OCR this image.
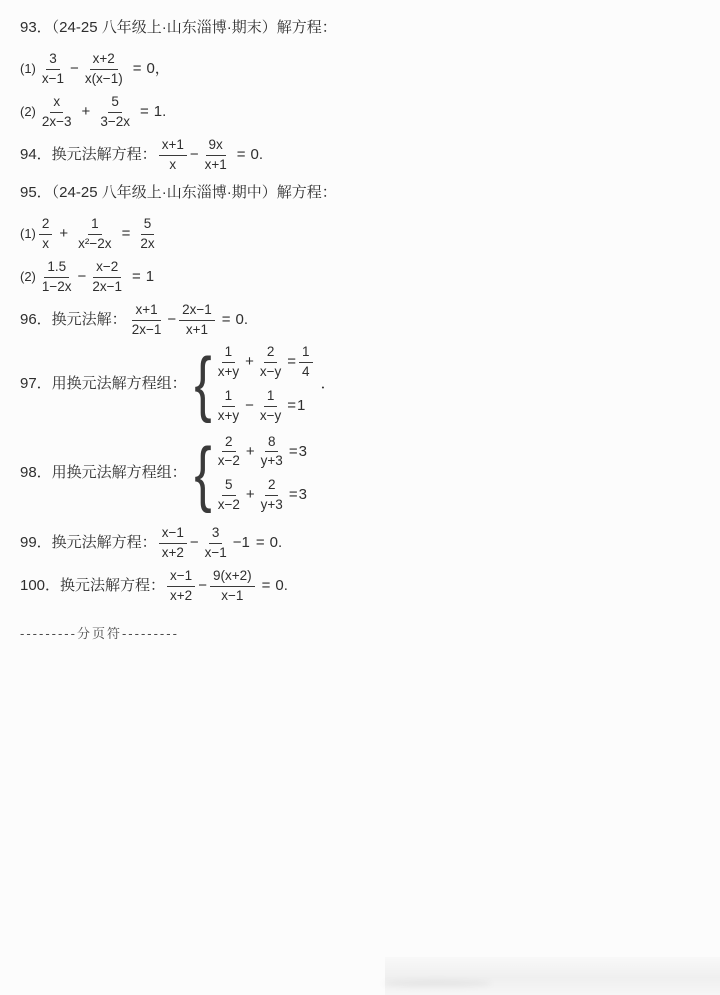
93．（24-25 八年级上·山东淄博·期末）解方程：
$(1) \frac{3}{x-1} - \frac{x+2}{x(x-1)} = 0$，
$(2) \frac{x}{2x-3} + \frac{5}{3-2x} = 1$.
94．换元法解方程： $\frac{x+1}{x} - \frac{9x}{x+1} = 0$.
95．（24-25 八年级上·山东淄博·期中）解方程：
$(1) \frac{2}{x} + \frac{1}{\text{x²−2x}} = \frac{5}{2x}$
$(2) \frac{1.5}{1-2x} - \frac{x-2}{2x-1} = 1$
96．换元法解： $\frac{x+1}{2x-1} - \frac{2x-1}{x+1} = 0$.
97．用换元法解方程组： { $\frac{1}{x+y} + \frac{2}{x-y} = \frac{1}{4}$
$\frac{1}{x+y} - \frac{1}{x-y} = 1$
．
98．用换元法解方程组： { $\frac{2}{x-2} + \frac{8}{y+3} = 3$
$\frac{5}{x-2} + \frac{2}{y+3} = 3$
99．换元法解方程： $\frac{x-1}{x+2} - \frac{3}{x-1} -1 = 0$.
100．换元法解方程： $\frac{x-1}{x+2} - \frac{9(x+2)}{x-1} = 0$.
---------分页符---------
